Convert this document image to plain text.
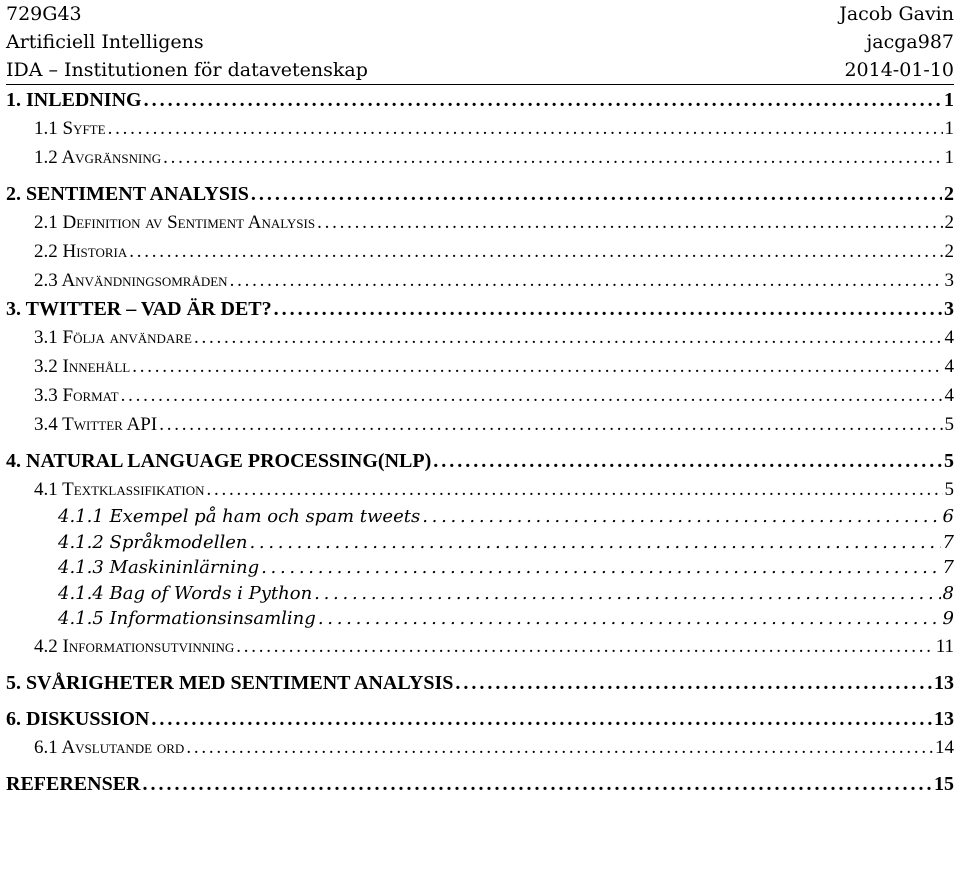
729G43	Jacob Gavin
Artificiell Intelligens	jacga987
IDA – Institutionen för datavetenskap	2014-01-10
1. INLEDNING . . .	1
1.1 Syfte . . .	1
1.2 Avgränsning . . .	1
2. SENTIMENT ANALYSIS . . .	2
2.1 Definition av Sentiment Analysis . . .	2
2.2 Historia . . .	2
2.3 Användningsområden . . .	3
3. TWITTER – VAD ÄR DET? . . .	3
3.1 Följa användare . . .	4
3.2 Innehåll . . .	4
3.3 Format . . .	4
3.4 Twitter API . . .	5
4. NATURAL LANGUAGE PROCESSING(NLP) . . .	5
4.1 Textklassifikation . . .	5
4.1.1 Exempel på ham och spam tweets . . .	6
4.1.2 Språkmodellen . . .	7
4.1.3 Maskininlärning . . .	7
4.1.4 Bag of Words i Python . . .	8
4.1.5 Informationsinsamling . . .	9
4.2 Informationsutvinning . . .	11
5. SVÅRIGHETER MED SENTIMENT ANALYSIS . . .	13
6. DISKUSSION . . .	13
6.1 Avslutande ord . . .	14
REFERENSER . . .	15
